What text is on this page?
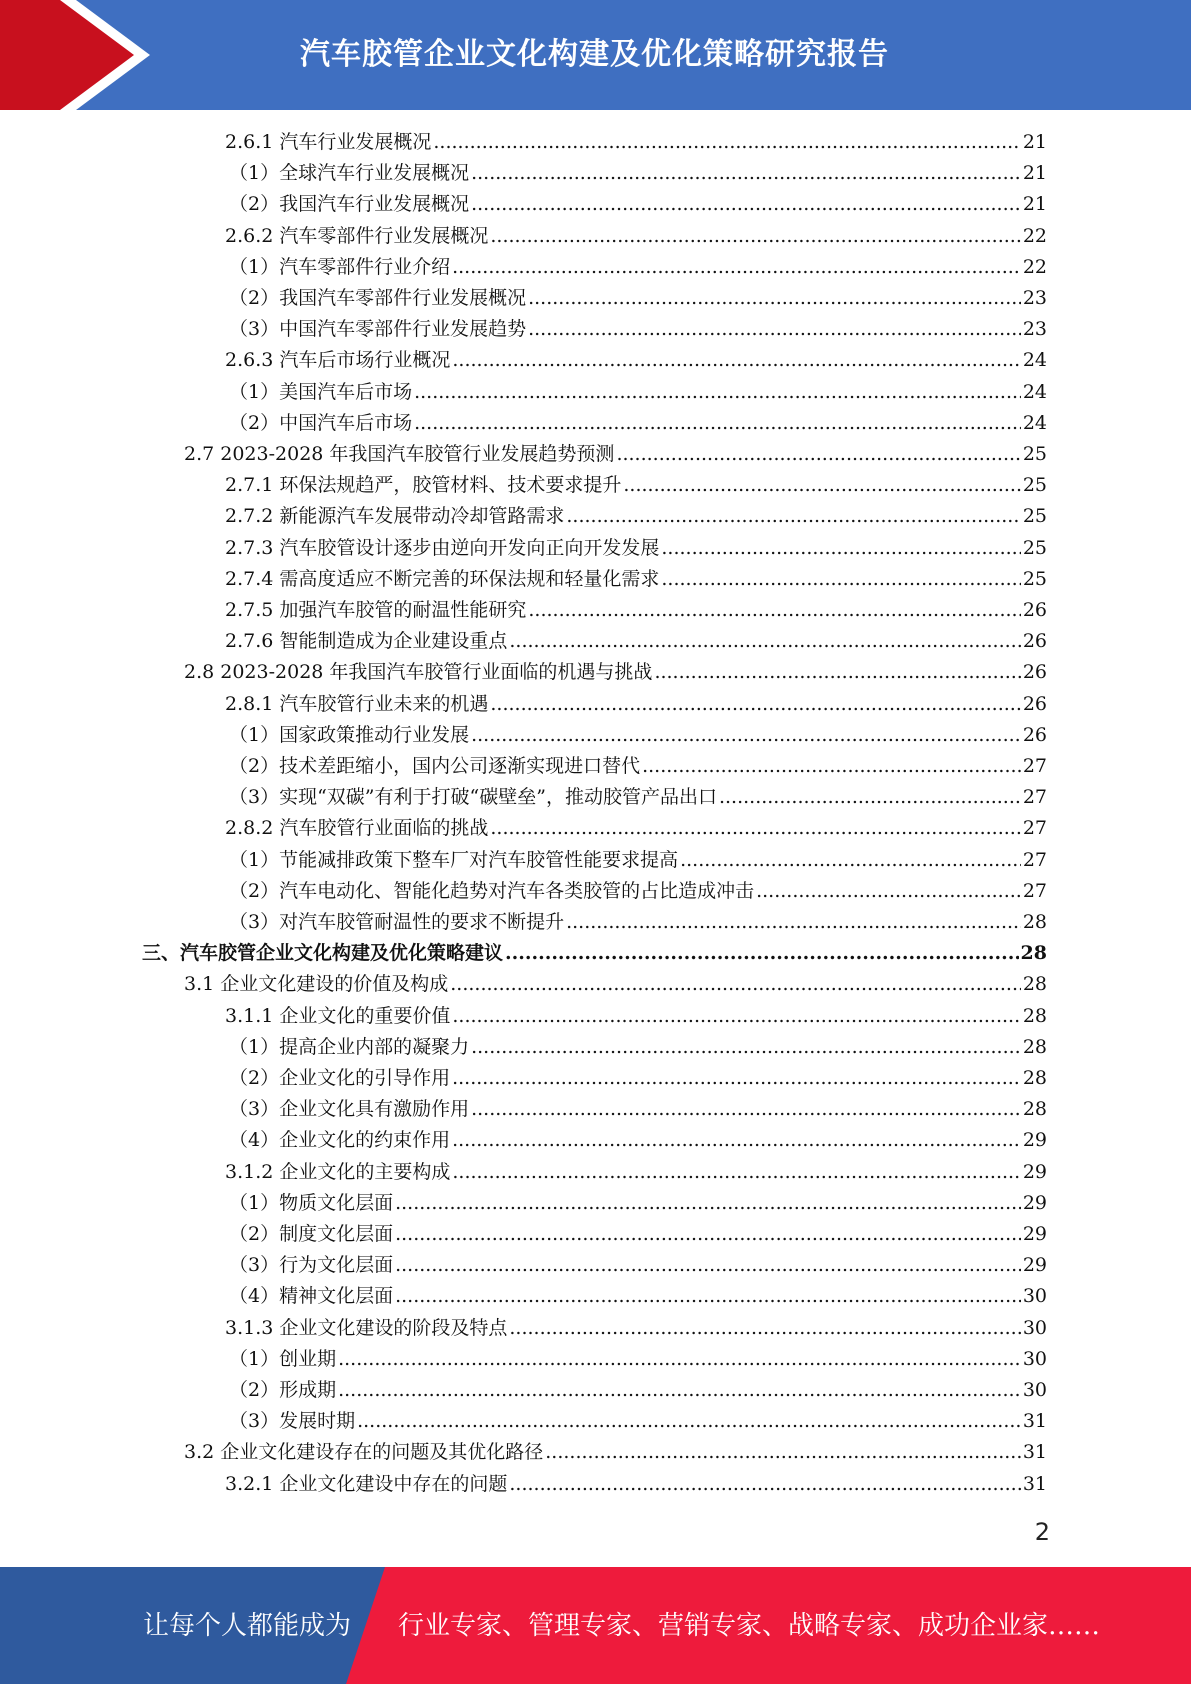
汽车胶管企业文化构建及优化策略研究报告
2.6.1 汽车行业发展概况 .....	21
（1）全球汽车行业发展概况 .....	21
（2）我国汽车行业发展概况 .....	21
2.6.2 汽车零部件行业发展概况 .....	22
（1）汽车零部件行业介绍 .....	22
（2）我国汽车零部件行业发展概况 .....	23
（3）中国汽车零部件行业发展趋势 .....	23
2.6.3 汽车后市场行业概况 .....	24
（1）美国汽车后市场 .....	24
（2）中国汽车后市场 .....	24
2.7 2023-2028 年我国汽车胶管行业发展趋势预测 .....	25
2.7.1 环保法规趋严，胶管材料、技术要求提升 .....	25
2.7.2 新能源汽车发展带动冷却管路需求 .....	25
2.7.3 汽车胶管设计逐步由逆向开发向正向开发发展 .....	25
2.7.4 需高度适应不断完善的环保法规和轻量化需求 .....	25
2.7.5 加强汽车胶管的耐温性能研究 .....	26
2.7.6 智能制造成为企业建设重点 .....	26
2.8 2023-2028 年我国汽车胶管行业面临的机遇与挑战 .....	26
2.8.1 汽车胶管行业未来的机遇 .....	26
（1）国家政策推动行业发展 .....	26
（2）技术差距缩小，国内公司逐渐实现进口替代 .....	27
（3）实现“双碳”有利于打破“碳壁垒”，推动胶管产品出口 .....	27
2.8.2 汽车胶管行业面临的挑战 .....	27
（1）节能减排政策下整车厂对汽车胶管性能要求提高 .....	27
（2）汽车电动化、智能化趋势对汽车各类胶管的占比造成冲击 .....	27
（3）对汽车胶管耐温性的要求不断提升 .....	28
三、汽车胶管企业文化构建及优化策略建议 .....	28
3.1 企业文化建设的价值及构成 .....	28
3.1.1 企业文化的重要价值 .....	28
（1）提高企业内部的凝聚力 .....	28
（2）企业文化的引导作用 .....	28
（3）企业文化具有激励作用 .....	28
（4）企业文化的约束作用 .....	29
3.1.2 企业文化的主要构成 .....	29
（1）物质文化层面 .....	29
（2）制度文化层面 .....	29
（3）行为文化层面 .....	29
（4）精神文化层面 .....	30
3.1.3 企业文化建设的阶段及特点 .....	30
（1）创业期 .....	30
（2）形成期 .....	30
（3）发展时期 .....	31
3.2 企业文化建设存在的问题及其优化路径 .....	31
3.2.1 企业文化建设中存在的问题 .....	31
2
让每个人都能成为 行业专家、管理专家、营销专家、战略专家、成功企业家……
